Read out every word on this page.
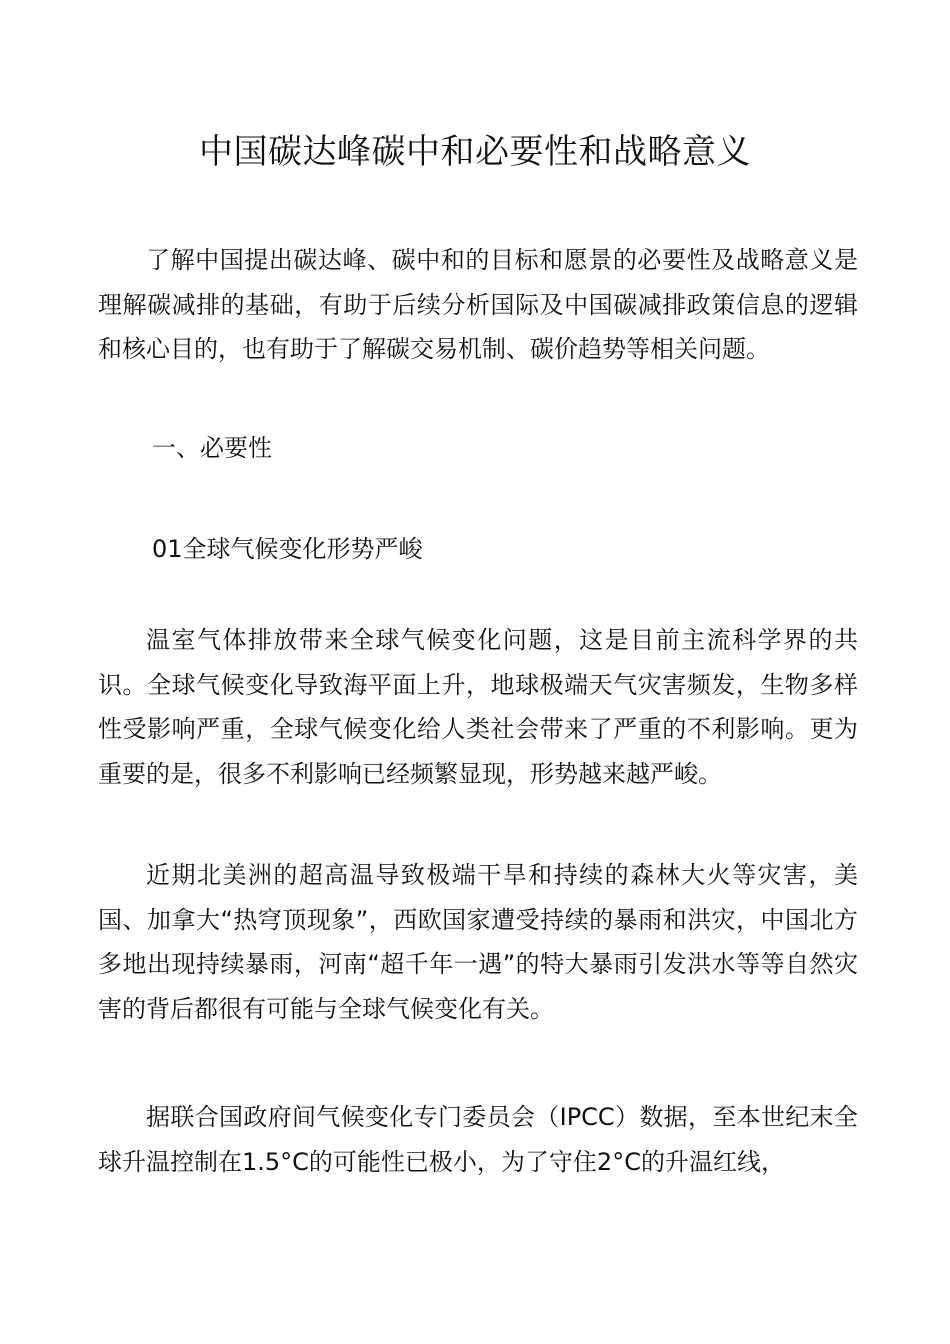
中国碳达峰碳中和必要性和战略意义

了解中国提出碳达峰、碳中和的目标和愿景的必要性及战略意义是理解碳减排的基础，有助于后续分析国际及中国碳减排政策信息的逻辑和核心目的，也有助于了解碳交易机制、碳价趋势等相关问题。

一、必要性

01全球气候变化形势严峻

温室气体排放带来全球气候变化问题，这是目前主流科学界的共识。全球气候变化导致海平面上升，地球极端天气灾害频发，生物多样性受影响严重，全球气候变化给人类社会带来了严重的不利影响。更为重要的是，很多不利影响已经频繁显现，形势越来越严峻。

近期北美洲的超高温导致极端干旱和持续的森林大火等灾害，美国、加拿大“热穹顶现象”，西欧国家遭受持续的暴雨和洪灾，中国北方多地出现持续暴雨，河南“超千年一遇”的特大暴雨引发洪水等等自然灾害的背后都很有可能与全球气候变化有关。

据联合国政府间气候变化专门委员会（IPCC）数据，至本世纪末全球升温控制在1.5°C的可能性已极小，为了守住2°C的升温红线，
